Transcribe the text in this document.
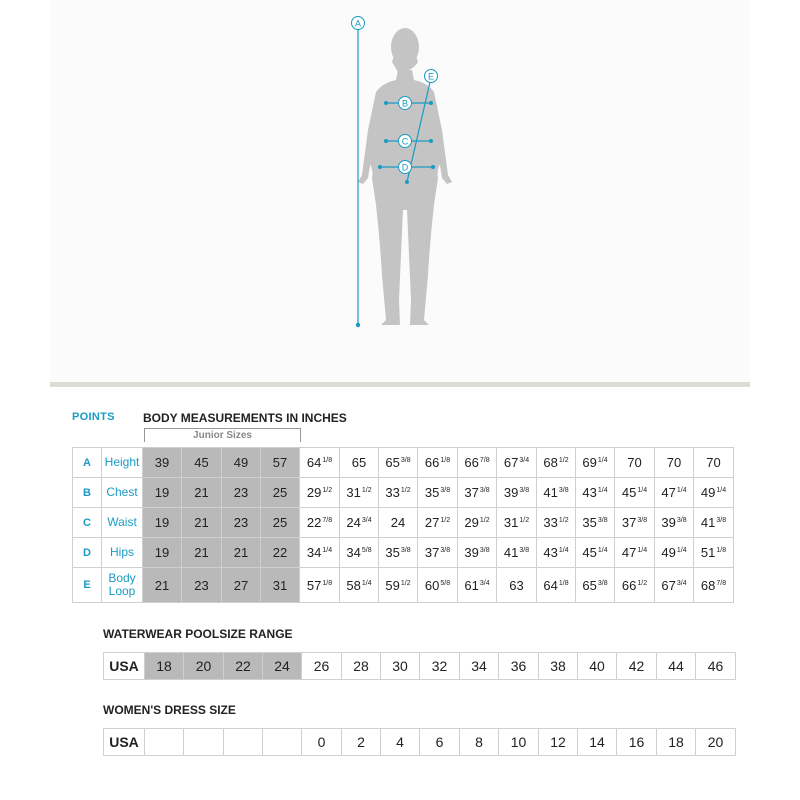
A
B
C
D
E
POINTS BODY MEASUREMENTS IN INCHES
Junior Sizes
A	Height	39	45	49	57	$64^{1/8}$	65	$65^{3/8}$	$66^{1/8}$	$66^{7/8}$	$67^{3/4}$	$68^{1/2}$	$69^{1/4}$	70	70	70
B	Chest	19	21	23	25	$29^{1/2}$	$31^{1/2}$	$33^{1/2}$	$35^{3/8}$	$37^{3/8}$	$39^{3/8}$	$41^{3/8}$	$43^{1/4}$	$45^{1/4}$	$47^{1/4}$	$49^{1/4}$
C	Waist	19	21	23	25	$22^{7/8}$	$24^{3/4}$	24	$27^{1/2}$	$29^{1/2}$	$31^{1/2}$	$33^{1/2}$	$35^{3/8}$	$37^{3/8}$	$39^{3/8}$	$41^{3/8}$
D	Hips	19	21	21	22	$34^{1/4}$	$34^{5/8}$	$35^{3/8}$	$37^{3/8}$	$39^{3/8}$	$41^{3/8}$	$43^{1/4}$	$45^{1/4}$	$47^{1/4}$	$49^{1/4}$	$51^{1/8}$
E	Body Loop	21	23	27	31	$57^{1/8}$	$58^{1/4}$	$59^{1/2}$	$60^{5/8}$	$61^{3/4}$	63	$64^{1/8}$	$65^{3/8}$	$66^{1/2}$	$67^{3/4}$	$68^{7/8}$
WATERWEAR POOLSIZE RANGE
USA	18	20	22	24	26	28	30	32	34	36	38	40	42	44	46
WOMEN'S DRESS SIZE
USA					0	2	4	6	8	10	12	14	16	18	20
